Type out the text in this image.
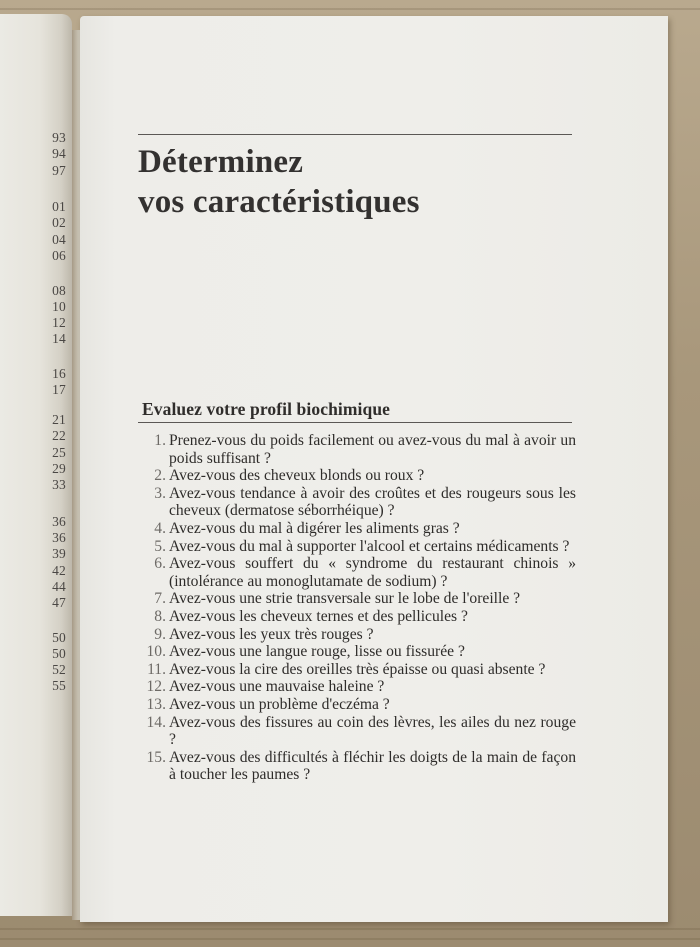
93
94
97
01
02
04
06
08
10
12
14
16
17
21
22
25
29
33
36
36
39
42
44
47
50
50
52
55
Déterminez
vos caractéristiques
Evaluez votre profil biochimique
1. Prenez-vous du poids facilement ou avez-vous du mal à avoir un poids suffisant ?
2. Avez-vous des cheveux blonds ou roux ?
3. Avez-vous tendance à avoir des croûtes et des rougeurs sous les cheveux (dermatose séborrhéique) ?
4. Avez-vous du mal à digérer les aliments gras ?
5. Avez-vous du mal à supporter l'alcool et certains médicaments ?
6. Avez-vous souffert du « syndrome du restaurant chinois » (intolérance au monoglutamate de sodium) ?
7. Avez-vous une strie transversale sur le lobe de l'oreille ?
8. Avez-vous les cheveux ternes et des pellicules ?
9. Avez-vous les yeux très rouges ?
10. Avez-vous une langue rouge, lisse ou fissurée ?
11. Avez-vous la cire des oreilles très épaisse ou quasi absente ?
12. Avez-vous une mauvaise haleine ?
13. Avez-vous un problème d'eczéma ?
14. Avez-vous des fissures au coin des lèvres, les ailes du nez rouge ?
15. Avez-vous des difficultés à fléchir les doigts de la main de façon à toucher les paumes ?
